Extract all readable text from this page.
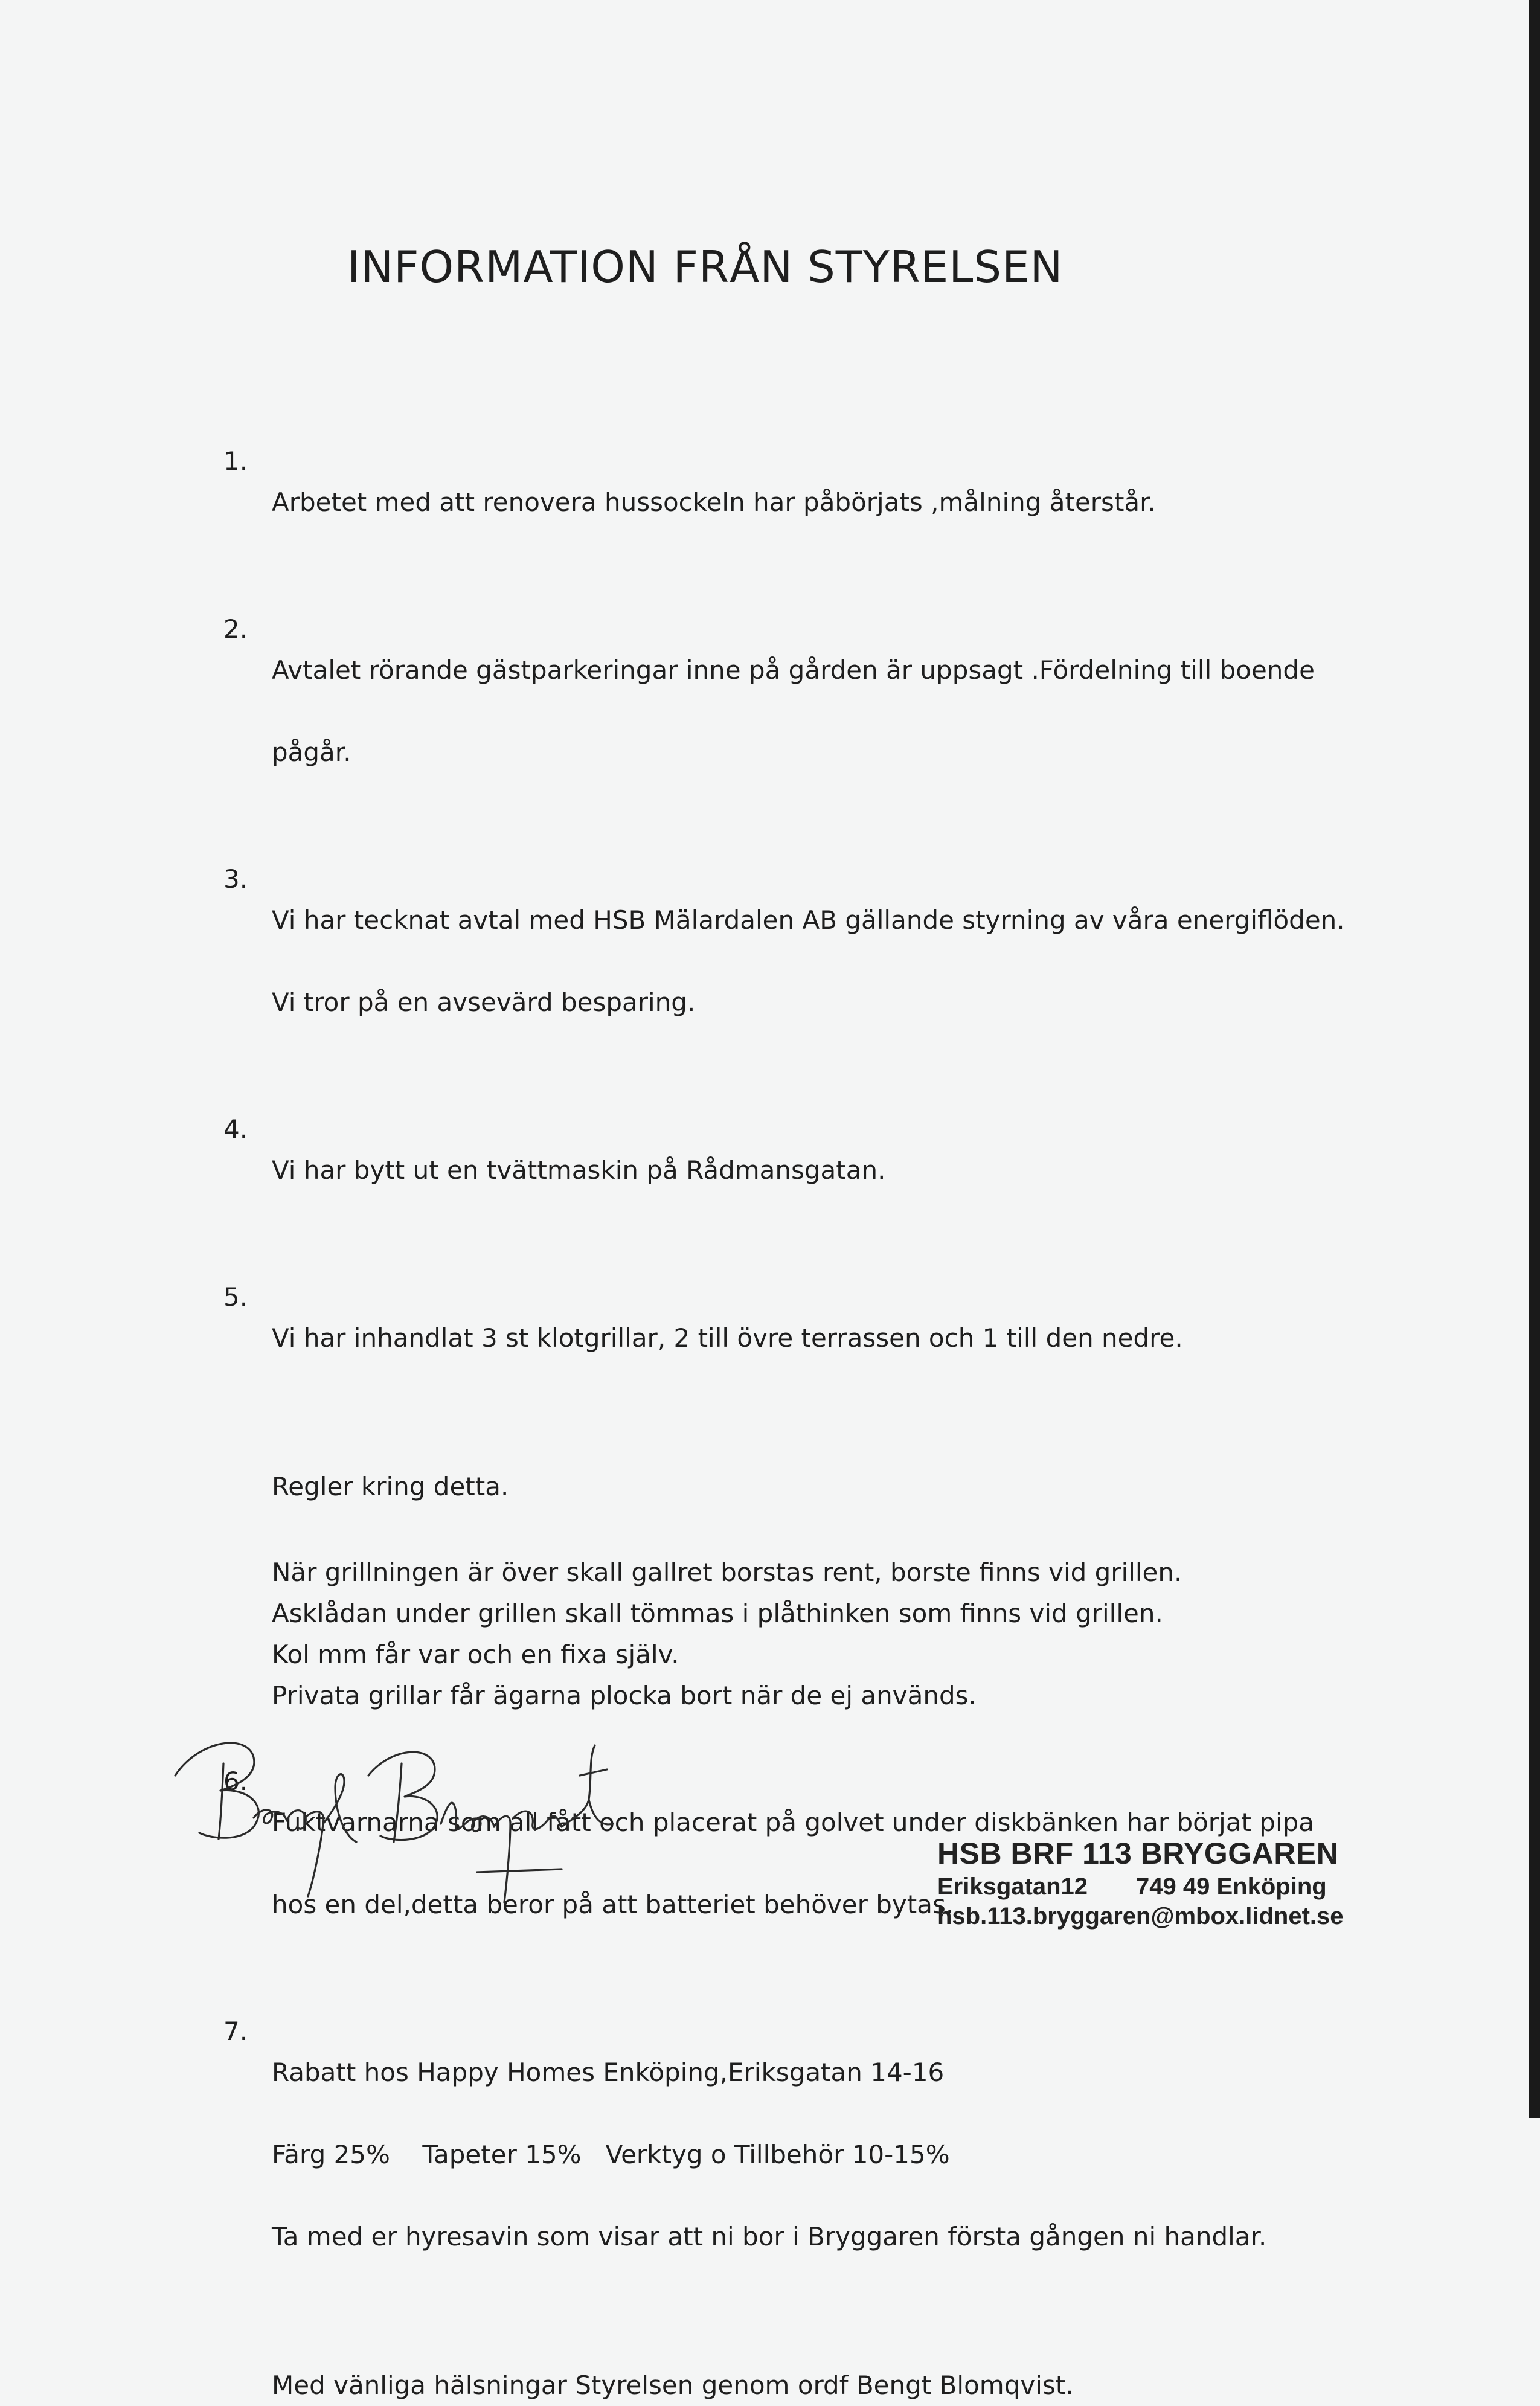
INFORMATION FRÅN STYRELSEN
1.

Arbetet med att renovera hussockeln har påbörjats ,målning återstår.

2.

Avtalet rörande gästparkeringar inne på gården är uppsagt .Fördelning till boende

pågår.

3.

Vi har tecknat avtal med HSB Mälardalen AB gällande styrning av våra energiflöden.

Vi tror på en avsevärd besparing.

4.

Vi har bytt ut en tvättmaskin på Rådmansgatan.

5.

Vi har inhandlat 3 st klotgrillar, 2 till övre terrassen och 1 till den nedre.

Regler kring detta.
När grillningen är över skall gallret borstas rent, borste finns vid grillen.
Asklådan under grillen skall tömmas i plåthinken som finns vid grillen.
Kol mm får var och en fixa själv.
Privata grillar får ägarna plocka bort när de ej används.
6.

Fuktvarnarna som all fått och placerat på golvet under diskbänken har börjat pipa

hos en del,detta beror på att batteriet behöver bytas.

7.

Rabatt hos Happy Homes Enköping,Eriksgatan 14-16

Färg 25%    Tapeter 15%   Verktyg o Tillbehör 10-15%

Ta med er hyresavin som visar att ni bor i Bryggaren första gången ni handlar.

Med vänliga hälsningar Styrelsen genom ordf Bengt Blomqvist.
HSB BRF 113 BRYGGAREN
Eriksgatan12 749 49 Enköping
hsb.113.bryggaren@mbox.lidnet.se
